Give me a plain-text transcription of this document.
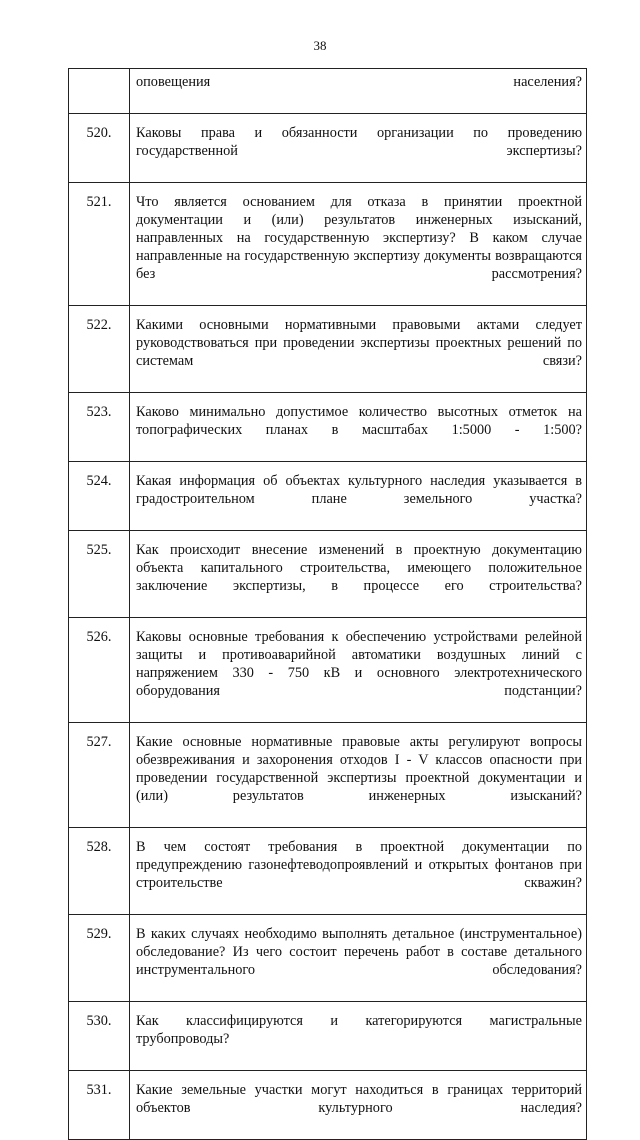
38
	оповещения населения?
520.	Каковы права и обязанности организации по проведению государственной экспертизы?
521.	Что является основанием для отказа в принятии проектной документации и (или) результатов инженерных изысканий, направленных на государственную экспертизу? В каком случае направленные на государственную экспертизу документы возвращаются без рассмотрения?
522.	Какими основными нормативными правовыми актами следует руководствоваться при проведении экспертизы проектных решений по системам связи?
523.	Каково минимально допустимое количество высотных отметок на топографических планах в масштабах 1:5000 - 1:500?
524.	Какая информация об объектах культурного наследия указывается в градостроительном плане земельного участка?
525.	Как происходит внесение изменений в проектную документацию объекта капитального строительства, имеющего положительное заключение экспертизы, в процессе его строительства?
526.	Каковы основные требования к обеспечению устройствами релейной защиты и противоаварийной автоматики воздушных линий с напряжением 330 - 750 кВ и основного электротехнического оборудования подстанции?
527.	Какие основные нормативные правовые акты регулируют вопросы обезвреживания и захоронения отходов I - V классов опасности при проведении государственной экспертизы проектной документации и (или) результатов инженерных изысканий?
528.	В чем состоят требования в проектной документации по предупреждению газонефтеводопроявлений и открытых фонтанов при строительстве скважин?
529.	В каких случаях необходимо выполнять детальное (инструментальное) обследование? Из чего состоит перечень работ в составе детального инструментального обследования?
530.	Как классифицируются и категорируются магистральные трубопроводы?
531.	Какие земельные участки могут находиться в границах территорий объектов культурного наследия?
